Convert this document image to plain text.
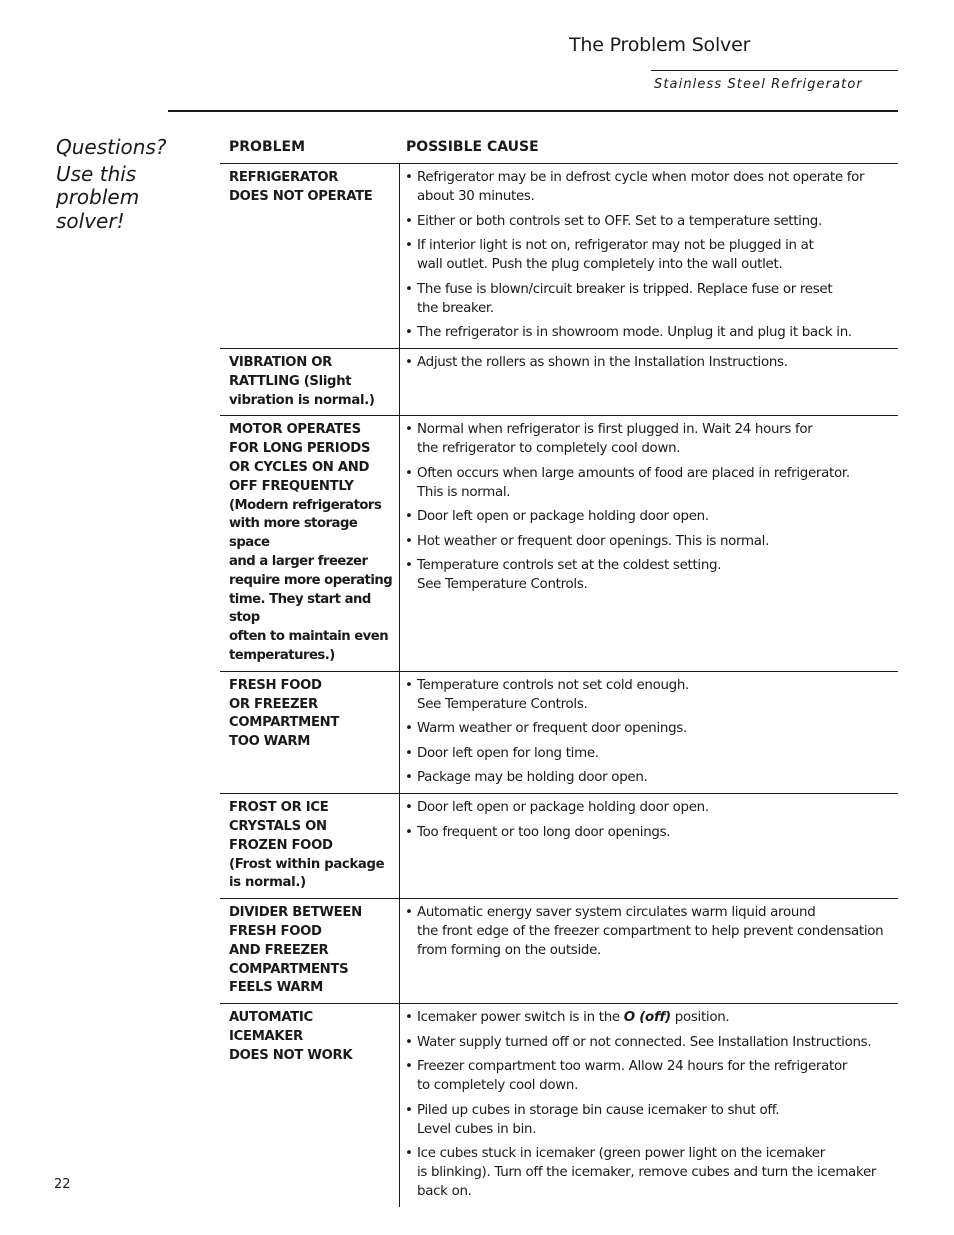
The Problem Solver
Stainless Steel Refrigerator
Questions?
Use this
problem
solver!
PROBLEM	POSSIBLE CAUSE
REFRIGERATOR
DOES NOT OPERATE
• Refrigerator may be in defrost cycle when motor does not operate for
about 30 minutes.
• Either or both controls set to OFF. Set to a temperature setting.
• If interior light is not on, refrigerator may not be plugged in at
wall outlet. Push the plug completely into the wall outlet.
• The fuse is blown/circuit breaker is tripped. Replace fuse or reset
the breaker.
• The refrigerator is in showroom mode. Unplug it and plug it back in.
VIBRATION OR
RATTLING (Slight
vibration is normal.)
• Adjust the rollers as shown in the Installation Instructions.
MOTOR OPERATES
FOR LONG PERIODS
OR CYCLES ON AND
OFF FREQUENTLY
(Modern refrigerators
with more storage space
and a larger freezer
require more operating
time. They start and stop
often to maintain even
temperatures.)
• Normal when refrigerator is first plugged in. Wait 24 hours for
the refrigerator to completely cool down.
• Often occurs when large amounts of food are placed in refrigerator.
This is normal.
• Door left open or package holding door open.
• Hot weather or frequent door openings. This is normal.
• Temperature controls set at the coldest setting.
See Temperature Controls.
FRESH FOOD
OR FREEZER
COMPARTMENT
TOO WARM
• Temperature controls not set cold enough.
See Temperature Controls.
• Warm weather or frequent door openings.
• Door left open for long time.
• Package may be holding door open.
FROST OR ICE
CRYSTALS ON
FROZEN FOOD
(Frost within package
is normal.)
• Door left open or package holding door open.
• Too frequent or too long door openings.
DIVIDER BETWEEN
FRESH FOOD
AND FREEZER
COMPARTMENTS
FEELS WARM
• Automatic energy saver system circulates warm liquid around
the front edge of the freezer compartment to help prevent condensation
from forming on the outside.
AUTOMATIC
ICEMAKER
DOES NOT WORK
• Icemaker power switch is in the O (off) position.
• Water supply turned off or not connected. See Installation Instructions.
• Freezer compartment too warm. Allow 24 hours for the refrigerator
to completely cool down.
• Piled up cubes in storage bin cause icemaker to shut off.
Level cubes in bin.
• Ice cubes stuck in icemaker (green power light on the icemaker
is blinking). Turn off the icemaker, remove cubes and turn the icemaker
back on.
22
